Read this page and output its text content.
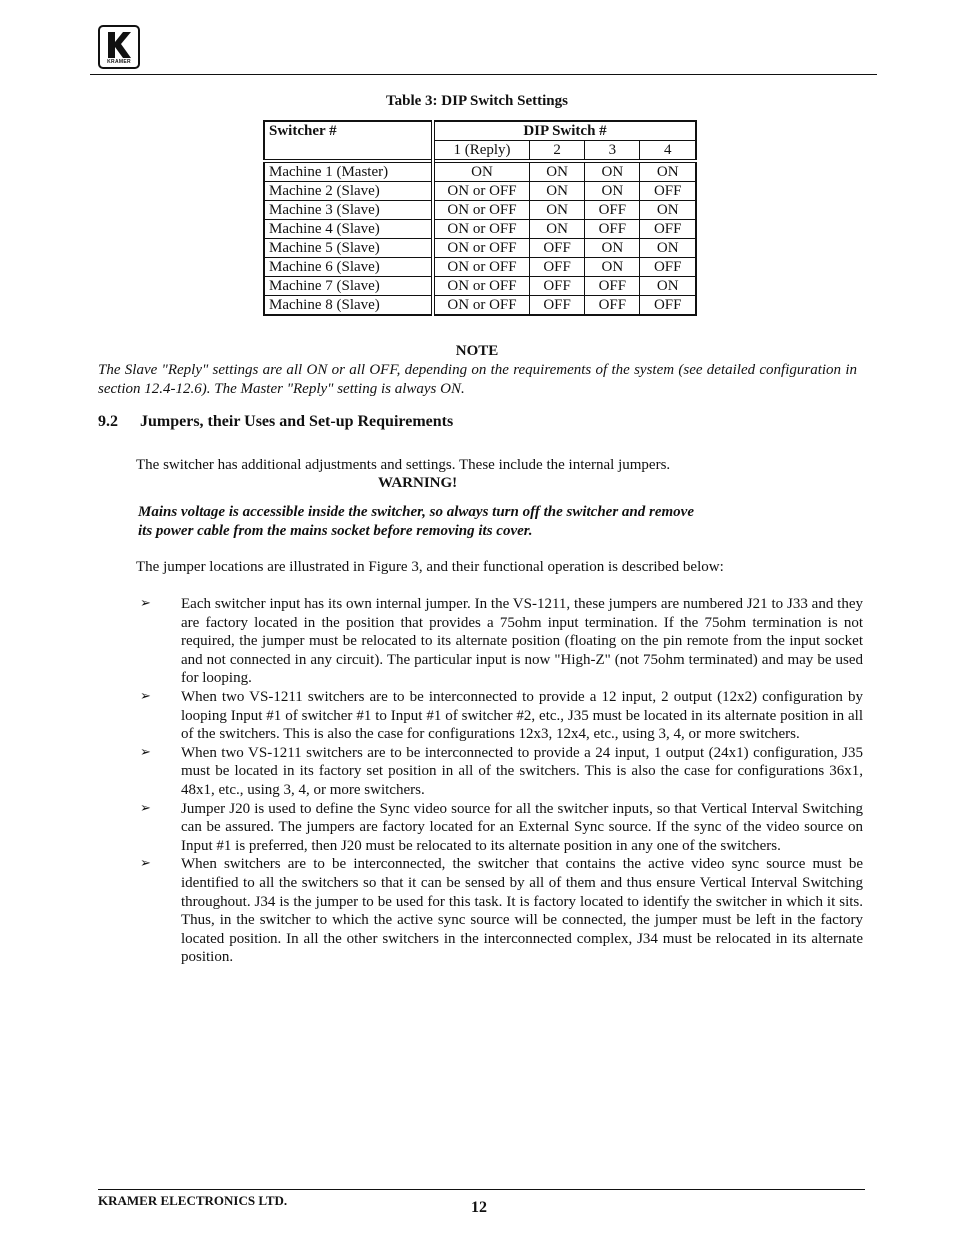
KRAMER
Table 3: DIP Switch Settings
Switcher #	DIP Switch #			
	1 (Reply)	2	3	4
Machine 1 (Master)	ON	ON	ON	ON
Machine 2 (Slave)	ON or OFF	ON	ON	OFF
Machine 3 (Slave)	ON or OFF	ON	OFF	ON
Machine 4 (Slave)	ON or OFF	ON	OFF	OFF
Machine 5 (Slave)	ON or OFF	OFF	ON	ON
Machine 6 (Slave)	ON or OFF	OFF	ON	OFF
Machine 7 (Slave)	ON or OFF	OFF	OFF	ON
Machine 8 (Slave)	ON or OFF	OFF	OFF	OFF
NOTE
The Slave "Reply" settings are all ON or all OFF, depending on the requirements of the system (see detailed configuration in section 12.4-12.6). The Master "Reply" setting is always ON.
9.2 Jumpers, their Uses and Set-up Requirements
The switcher has additional adjustments and settings. These include the internal jumpers.
WARNING!
Mains voltage is accessible inside the switcher, so always turn off the switcher and remove its power cable from the mains socket before removing its cover.
The jumper locations are illustrated in Figure 3, and their functional operation is described below:
➢ Each switcher input has its own internal jumper. In the VS-1211, these jumpers are numbered J21 to J33 and they are factory located in the position that provides a 75ohm input termination. If the 75ohm termination is not required, the jumper must be relocated to its alternate position (floating on the pin remote from the input socket and not connected in any circuit). The particular input is now "High-Z" (not 75ohm terminated) and may be used for looping.
➢ When two VS-1211 switchers are to be interconnected to provide a 12 input, 2 output (12x2) configuration by looping Input #1 of switcher #1 to Input #1 of switcher #2, etc., J35 must be located in its alternate position in all of the switchers. This is also the case for configurations 12x3, 12x4, etc., using 3, 4, or more switchers.
➢ When two VS-1211 switchers are to be interconnected to provide a 24 input, 1 output (24x1) configuration, J35 must be located in its factory set position in all of the switchers. This is also the case for configurations 36x1, 48x1, etc., using 3, 4, or more switchers.
➢ Jumper J20 is used to define the Sync video source for all the switcher inputs, so that Vertical Interval Switching can be assured. The jumpers are factory located for an External Sync source. If the sync of the video source on Input #1 is preferred, then J20 must be relocated to its alternate position in any one of the switchers.
➢ When switchers are to be interconnected, the switcher that contains the active video sync source must be identified to all the switchers so that it can be sensed by all of them and thus ensure Vertical Interval Switching throughout. J34 is the jumper to be used for this task. It is factory located to identify the switcher in which it sits. Thus, in the switcher to which the active sync source will be connected, the jumper must be left in the factory located position. In all the other switchers in the interconnected complex, J34 must be relocated in its alternate position.
KRAMER ELECTRONICS LTD.	12
